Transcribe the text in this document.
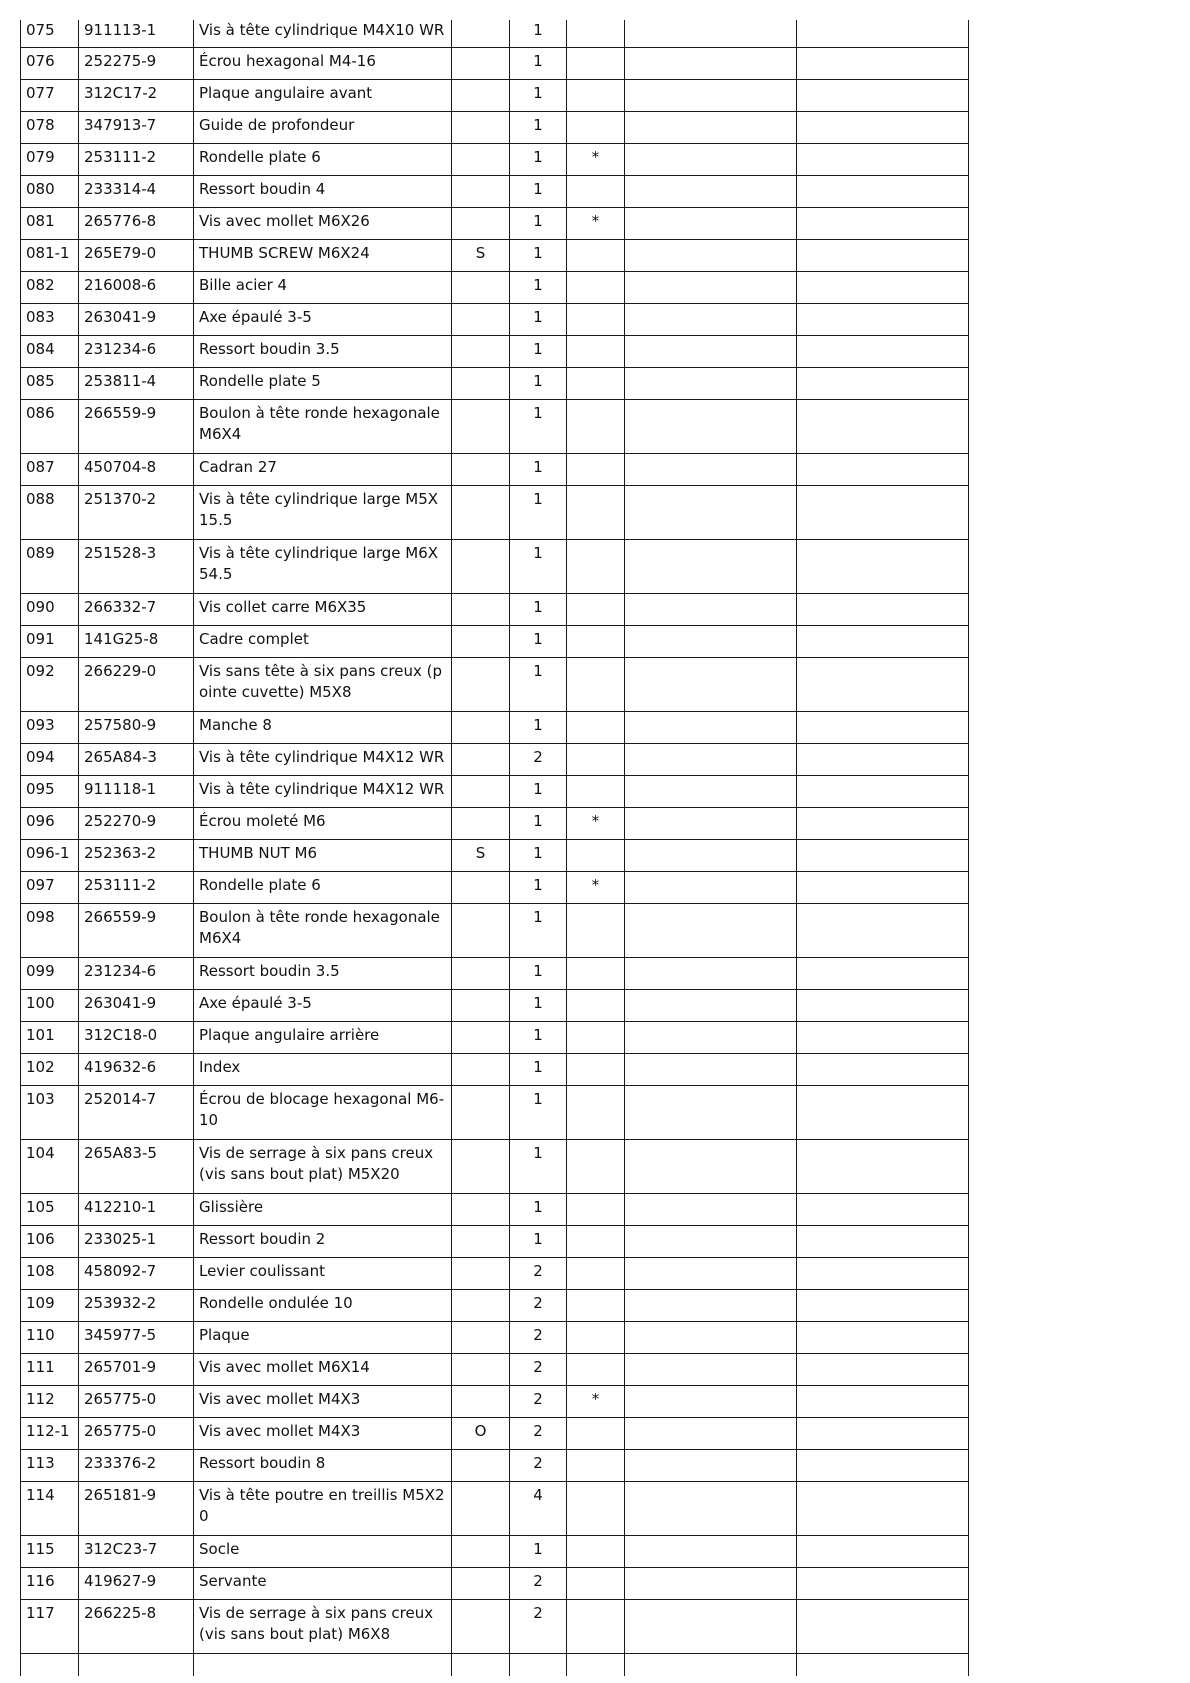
075	911113-1	Vis à tête cylindrique M4X10 WR		1			
076	252275-9	Écrou hexagonal M4-16		1			
077	312C17-2	Plaque angulaire avant		1			
078	347913-7	Guide de profondeur		1			
079	253111-2	Rondelle plate 6		1	*		
080	233314-4	Ressort boudin 4		1			
081	265776-8	Vis avec mollet M6X26		1	*		
081-1	265E79-0	THUMB SCREW M6X24	S	1			
082	216008-6	Bille acier 4		1			
083	263041-9	Axe épaulé 3-5		1			
084	231234-6	Ressort boudin 3.5		1			
085	253811-4	Rondelle plate 5		1			
086	266559-9	Boulon à tête ronde hexagonale M6X4		1			
087	450704-8	Cadran 27		1			
088	251370-2	Vis à tête cylindrique large M5X15.5		1			
089	251528-3	Vis à tête cylindrique large M6X54.5		1			
090	266332-7	Vis collet carre M6X35		1			
091	141G25-8	Cadre complet		1			
092	266229-0	Vis sans tête à six pans creux (pointe cuvette) M5X8		1			
093	257580-9	Manche 8		1			
094	265A84-3	Vis à tête cylindrique M4X12 WR		2			
095	911118-1	Vis à tête cylindrique M4X12 WR		1			
096	252270-9	Écrou moleté M6		1	*		
096-1	252363-2	THUMB NUT M6	S	1			
097	253111-2	Rondelle plate 6		1	*		
098	266559-9	Boulon à tête ronde hexagonale M6X4		1			
099	231234-6	Ressort boudin 3.5		1			
100	263041-9	Axe épaulé 3-5		1			
101	312C18-0	Plaque angulaire arrière		1			
102	419632-6	Index		1			
103	252014-7	Écrou de blocage hexagonal M6-10		1			
104	265A83-5	Vis de serrage à six pans creux (vis sans bout plat) M5X20		1			
105	412210-1	Glissière		1			
106	233025-1	Ressort boudin 2		1			
108	458092-7	Levier coulissant		2			
109	253932-2	Rondelle ondulée 10		2			
110	345977-5	Plaque		2			
111	265701-9	Vis avec mollet M6X14		2			
112	265775-0	Vis avec mollet M4X3		2	*		
112-1	265775-0	Vis avec mollet M4X3	O	2			
113	233376-2	Ressort boudin 8		2			
114	265181-9	Vis à tête poutre en treillis M5X20		4			
115	312C23-7	Socle		1			
116	419627-9	Servante		2			
117	266225-8	Vis de serrage à six pans creux (vis sans bout plat) M6X8		2			
